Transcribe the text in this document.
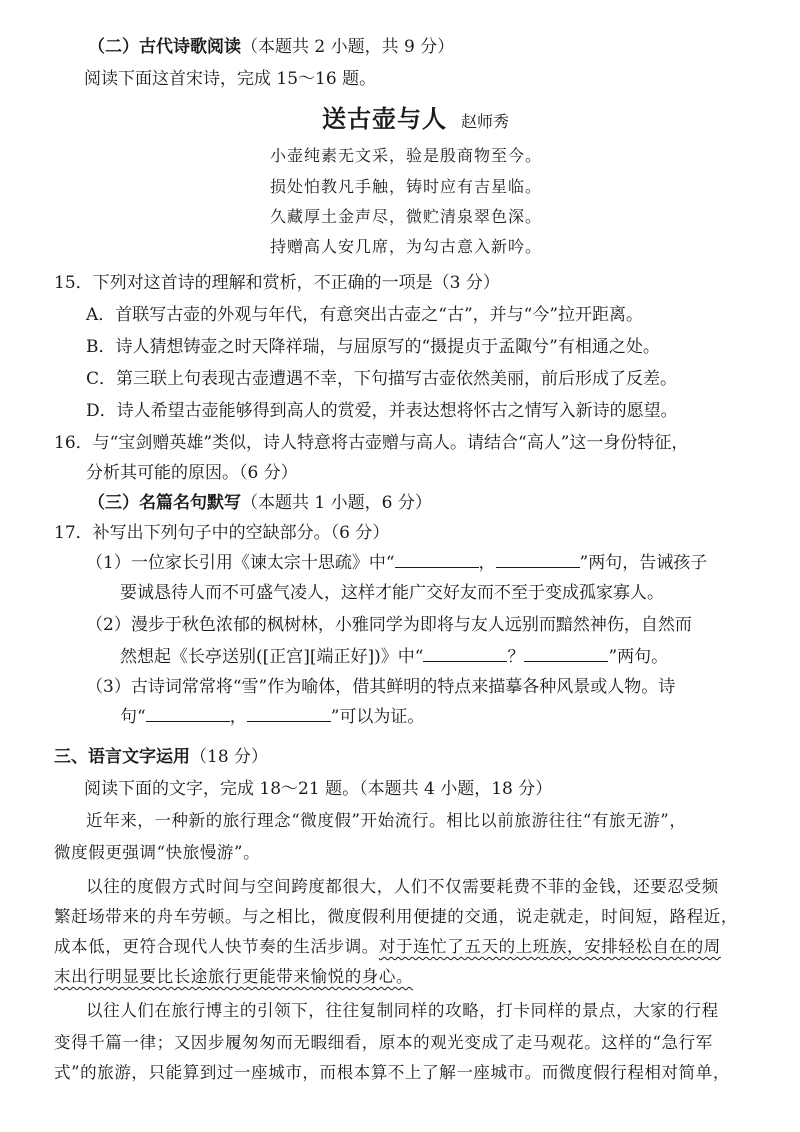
（二）古代诗歌阅读（本题共 2 小题，共 9 分）
阅读下面这首宋诗，完成 15～16 题。
送古壶与人 赵师秀
小壶纯素无文采，验是殷商物至今。
损处怕教凡手触，铸时应有吉星临。
久藏厚土金声尽，微贮清泉翠色深。
持赠高人安几席，为勾古意入新吟。
15．下列对这首诗的理解和赏析，不正确的一项是（3 分）
A．首联写古壶的外观与年代，有意突出古壶之“古”，并与“今”拉开距离。
B．诗人猜想铸壶之时天降祥瑞，与屈原写的“摄提贞于孟陬兮”有相通之处。
C．第三联上句表现古壶遭遇不幸，下句描写古壶依然美丽，前后形成了反差。
D．诗人希望古壶能够得到高人的赏爱，并表达想将怀古之情写入新诗的愿望。
16．与“宝剑赠英雄”类似，诗人特意将古壶赠与高人。请结合“高人”这一身份特征，
分析其可能的原因。（6 分）
（三）名篇名句默写（本题共 1 小题，6 分）
17．补写出下列句子中的空缺部分。（6 分）
（1）一位家长引用《谏太宗十思疏》中“	，	”两句，告诫孩子
要诚恳待人而不可盛气凌人，这样才能广交好友而不至于变成孤家寡人。
（2）漫步于秋色浓郁的枫树林，小雅同学为即将与友人远别而黯然神伤，自然而
然想起《长亭送别([正宫][端正好])》中“	？	”两句。
（3）古诗词常常将“雪”作为喻体，借其鲜明的特点来描摹各种风景或人物。诗
句“	，	”可以为证。
三、语言文字运用（18 分）
阅读下面的文字，完成 18～21 题。（本题共 4 小题，18 分）
近年来，一种新的旅行理念“微度假”开始流行。相比以前旅游往往“有旅无游”，
微度假更强调“快旅慢游”。
以往的度假方式时间与空间跨度都很大，人们不仅需要耗费不菲的金钱，还要忍受频
繁赶场带来的舟车劳顿。与之相比，微度假利用便捷的交通，说走就走，时间短，路程近，
成本低，更符合现代人快节奏的生活步调。对于连忙了五天的上班族，安排轻松自在的周
末出行明显要比长途旅行更能带来愉悦的身心。
以往人们在旅行博主的引领下，往往复制同样的攻略，打卡同样的景点，大家的行程
变得千篇一律；又因步履匆匆而无暇细看，原本的观光变成了走马观花。这样的“急行军
式”的旅游，只能算到过一座城市，而根本算不上了解一座城市。而微度假行程相对简单，
